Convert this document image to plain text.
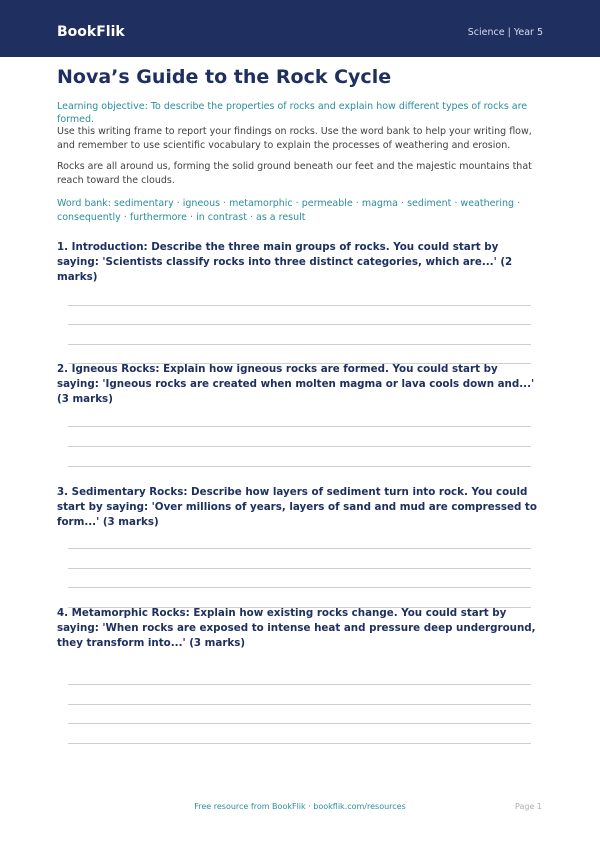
BookFlik	Science | Year 5
Nova’s Guide to the Rock Cycle
Learning objective: To describe the properties of rocks and explain how different types of rocks are formed.
Use this writing frame to report your findings on rocks. Use the word bank to help your writing flow, and remember to use scientific vocabulary to explain the processes of weathering and erosion.
Rocks are all around us, forming the solid ground beneath our feet and the majestic mountains that reach toward the clouds.
Word bank: sedimentary · igneous · metamorphic · permeable · magma · sediment · weathering · consequently · furthermore · in contrast · as a result
1. Introduction: Describe the three main groups of rocks. You could start by saying: 'Scientists classify rocks into three distinct categories, which are...' (2 marks)
2. Igneous Rocks: Explain how igneous rocks are formed. You could start by saying: 'Igneous rocks are created when molten magma or lava cools down and...' (3 marks)
3. Sedimentary Rocks: Describe how layers of sediment turn into rock. You could start by saying: 'Over millions of years, layers of sand and mud are compressed to form...' (3 marks)
4. Metamorphic Rocks: Explain how existing rocks change. You could start by saying: 'When rocks are exposed to intense heat and pressure deep underground, they transform into...' (3 marks)
Free resource from BookFlik · bookflik.com/resources	Page 1
